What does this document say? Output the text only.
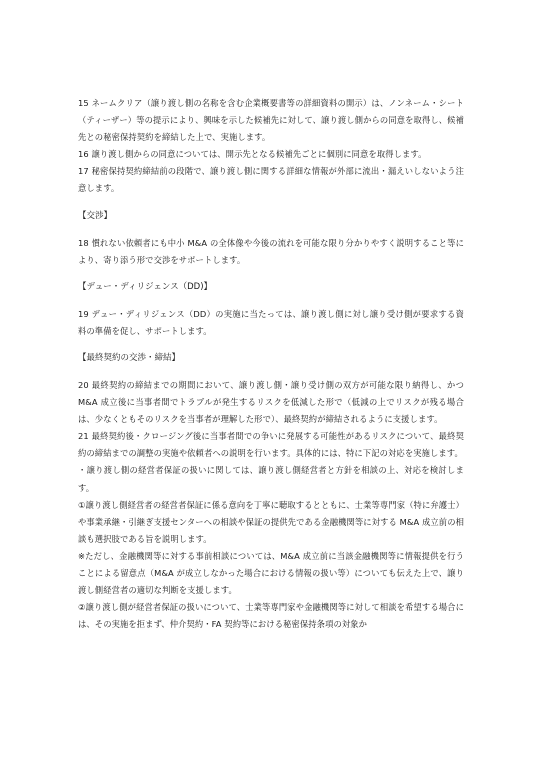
15 ネームクリア（譲り渡し側の名称を含む企業概要書等の詳細資料の開示）は、ノンネーム・シート（ティーザー）等の提示により、興味を示した候補先に対して、譲り渡し側からの同意を取得し、候補先との秘密保持契約を締結した上で、実施します。

16 譲り渡し側からの同意については、開示先となる候補先ごとに個別に同意を取得します。

17 秘密保持契約締結前の段階で、譲り渡し側に関する詳細な情報が外部に流出・漏えいしないよう注意します。

【交渉】

18 慣れない依頼者にも中小 M&A の全体像や今後の流れを可能な限り分かりやすく説明すること等により、寄り添う形で交渉をサポートします。

【デュー・ディリジェンス（DD)】

19 デュー・ディリジェンス（DD）の実施に当たっては、譲り渡し側に対し譲り受け側が要求する資料の準備を促し、サポートします。

【最終契約の交渉・締結】

20 最終契約の締結までの期間において、譲り渡し側・譲り受け側の双方が可能な限り納得し、かつ M&A 成立後に当事者間でトラブルが発生するリスクを低減した形で（低減の上でリスクが残る場合は、少なくともそのリスクを当事者が理解した形で）、最終契約が締結されるように支援します。

21 最終契約後・クロージング後に当事者間での争いに発展する可能性があるリスクについて、最終契約の締結までの調整の実施や依頼者への説明を行います。具体的には、特に下記の対応を実施します。

・譲り渡し側の経営者保証の扱いに関しては、譲り渡し側経営者と方針を相談の上、対応を検討します。

①譲り渡し側経営者の経営者保証に係る意向を丁寧に聴取するとともに、士業等専門家（特に弁護士）や事業承継・引継ぎ支援センターへの相談や保証の提供先である金融機関等に対する M&A 成立前の相談も選択肢である旨を説明します。

※ただし、金融機関等に対する事前相談については、M&A 成立前に当該金融機関等に情報提供を行うことによる留意点（M&A が成立しなかった場合における情報の扱い等）についても伝えた上で、譲り渡し側経営者の適切な判断を支援します。

②譲り渡し側が経営者保証の扱いについて、士業等専門家や金融機関等に対して相談を希望する場合には、その実施を拒まず、仲介契約・FA 契約等における秘密保持条項の対象か
